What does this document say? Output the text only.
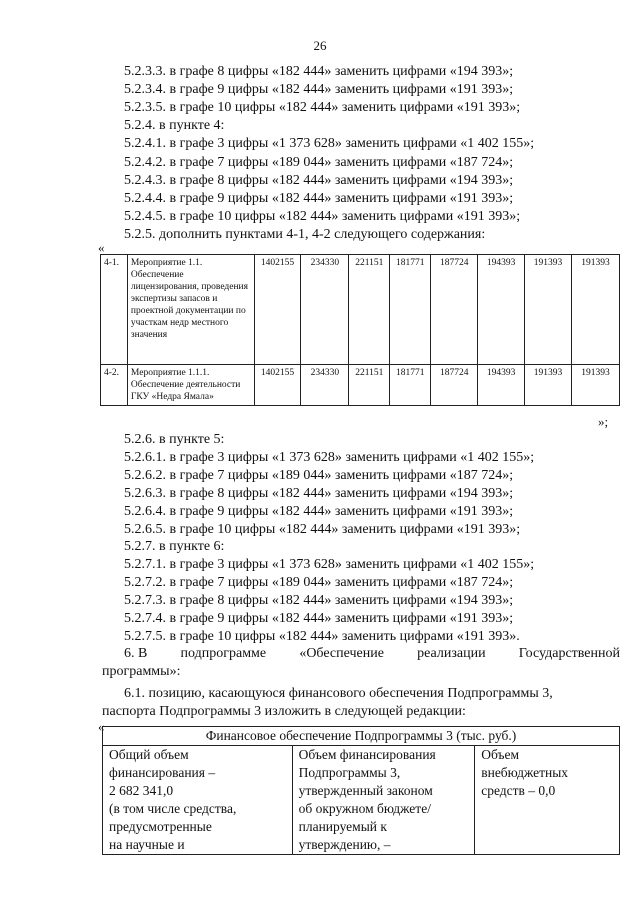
26
5.2.3.3. в графе 8 цифры «182 444» заменить цифрами «194 393»;
5.2.3.4. в графе 9 цифры «182 444» заменить цифрами «191 393»;
5.2.3.5. в графе 10 цифры «182 444» заменить цифрами «191 393»;
5.2.4. в пункте 4:
5.2.4.1. в графе 3 цифры «1 373 628» заменить цифрами «1 402 155»;
5.2.4.2. в графе 7 цифры «189 044» заменить цифрами «187 724»;
5.2.4.3. в графе 8 цифры «182 444» заменить цифрами «194 393»;
5.2.4.4. в графе 9 цифры «182 444» заменить цифрами «191 393»;
5.2.4.5. в графе 10 цифры «182 444» заменить цифрами «191 393»;
5.2.5. дополнить пунктами 4-1, 4-2 следующего содержания:
«
4-1.	Мероприятие 1.1. Обеспечение лицензирования, проведения экспертизы запасов и проектной документации по участкам недр местного значения	1402155	234330	221151	181771	187724	194393	191393	191393
4-2.	Мероприятие 1.1.1. Обеспечение деятельности ГКУ «Недра Ямала»	1402155	234330	221151	181771	187724	194393	191393	191393
»;
5.2.6. в пункте 5:
5.2.6.1. в графе 3 цифры «1 373 628» заменить цифрами «1 402 155»;
5.2.6.2. в графе 7 цифры «189 044» заменить цифрами «187 724»;
5.2.6.3. в графе 8 цифры «182 444» заменить цифрами «194 393»;
5.2.6.4. в графе 9 цифры «182 444» заменить цифрами «191 393»;
5.2.6.5. в графе 10 цифры «182 444» заменить цифрами «191 393»;
5.2.7. в пункте 6:
5.2.7.1. в графе 3 цифры «1 373 628» заменить цифрами «1 402 155»;
5.2.7.2. в графе 7 цифры «189 044» заменить цифрами «187 724»;
5.2.7.3. в графе 8 цифры «182 444» заменить цифрами «194 393»;
5.2.7.4. в графе 9 цифры «182 444» заменить цифрами «191 393»;
5.2.7.5. в графе 10 цифры «182 444» заменить цифрами «191 393».
6. В подпрограмме «Обеспечение реализации Государственной
программы»:
6.1. позицию, касающуюся финансового обеспечения Подпрограммы 3,
паспорта Подпрограммы 3 изложить в следующей редакции:
«
Финансовое обеспечение Подпрограммы 3 (тыс. руб.)

Общий объем
финансирования –
2 682 341,0
(в том числе средства,
предусмотренные
на научные и

Объем финансирования
Подпрограммы 3,
утвержденный законом
об окружном бюджете/
планируемый к
утверждению, –

Объем
внебюджетных
средств – 0,0
